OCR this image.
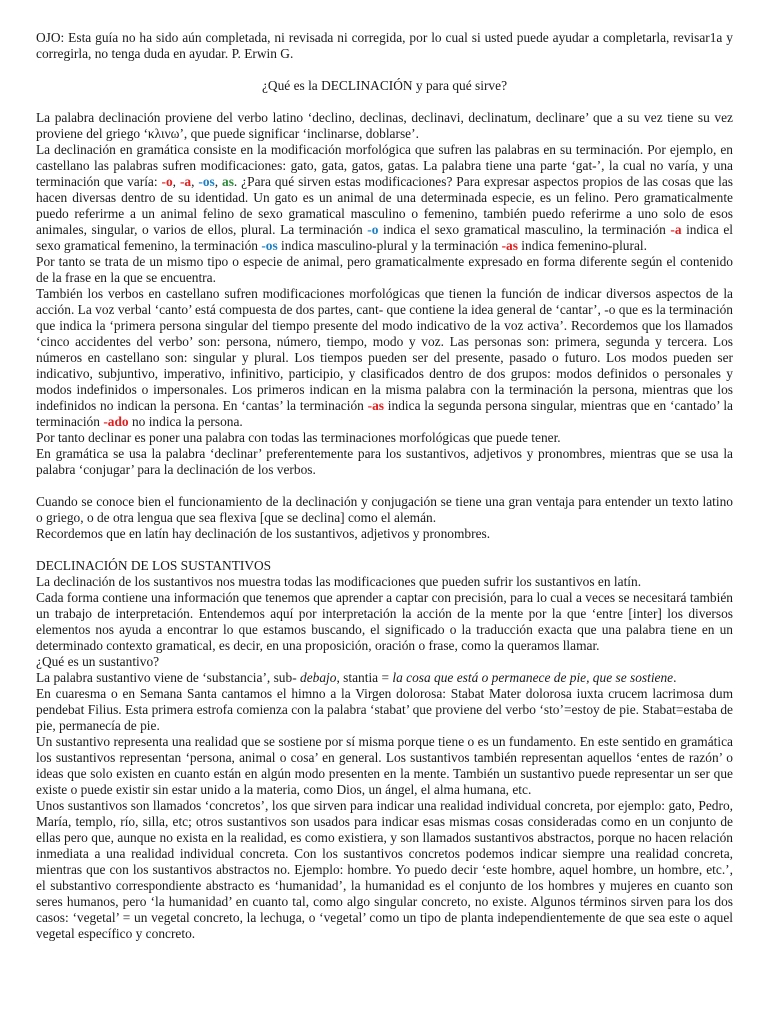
OJO: Esta guía no ha sido aún completada, ni revisada ni corregida, por lo cual si usted puede ayudar a completarla, revisar1a y corregirla, no tenga duda en ayudar. P. Erwin G.

¿Qué es la DECLINACIÓN y para qué sirve?

La palabra declinación proviene del verbo latino ‘declino, declinas, declinavi, declinatum, declinare’ que a su vez tiene su vez proviene del griego ‘κλινω’, que puede significar ‘inclinarse, doblarse’.

La declinación en gramática consiste en la modificación morfológica que sufren las palabras en su terminación. Por ejemplo, en castellano las palabras sufren modificaciones: gato, gata, gatos, gatas. La palabra tiene una parte ‘gat-’, la cual no varía, y una terminación que varía: -o, -a, -os, as. ¿Para qué sirven estas modificaciones? Para expresar aspectos propios de las cosas que las hacen diversas dentro de su identidad. Un gato es un animal de una determinada especie, es un felino. Pero gramaticalmente puedo referirme a un animal felino de sexo gramatical masculino o femenino, también puedo referirme a uno solo de esos animales, singular, o varios de ellos, plural. La terminación -o indica el sexo gramatical masculino, la terminación -a indica el sexo gramatical femenino, la terminación -os indica masculino-plural y la terminación -as indica femenino-plural.

Por tanto se trata de un mismo tipo o especie de animal, pero gramaticalmente expresado en forma diferente según el contenido de la frase en la que se encuentra.

También los verbos en castellano sufren modificaciones morfológicas que tienen la función de indicar diversos aspectos de la acción. La voz verbal ‘canto’ está compuesta de dos partes, cant- que contiene la idea general de ‘cantar’, -o que es la terminación que indica la ‘primera persona singular del tiempo presente del modo indicativo de la voz activa’. Recordemos que los llamados ‘cinco accidentes del verbo’ son: persona, número, tiempo, modo y voz. Las personas son: primera, segunda y tercera. Los números en castellano son: singular y plural. Los tiempos pueden ser del presente, pasado o futuro. Los modos pueden ser indicativo, subjuntivo, imperativo, infinitivo, participio, y clasificados dentro de dos grupos: modos definidos o personales y modos indefinidos o impersonales. Los primeros indican en la misma palabra con la terminación la persona, mientras que los indefinidos no indican la persona. En ‘cantas’ la terminación -as indica la segunda persona singular, mientras que en ‘cantado’ la terminación -ado no indica la persona.

Por tanto declinar es poner una palabra con todas las terminaciones morfológicas que puede tener.

En gramática se usa la palabra ‘declinar’ preferentemente para los sustantivos, adjetivos y pronombres, mientras que se usa la palabra ‘conjugar’ para la declinación de los verbos.

Cuando se conoce bien el funcionamiento de la declinación y conjugación se tiene una gran ventaja para entender un texto latino o griego, o de otra lengua que sea flexiva [que se declina] como el alemán.

Recordemos que en latín hay declinación de los sustantivos, adjetivos y pronombres.

DECLINACIÓN DE LOS SUSTANTIVOS

La declinación de los sustantivos nos muestra todas las modificaciones que pueden sufrir los sustantivos en latín.

Cada forma contiene una información que tenemos que aprender a captar con precisión, para lo cual a veces se necesitará también un trabajo de interpretación. Entendemos aquí por interpretación la acción de la mente por la que ‘entre [inter] los diversos elementos nos ayuda a encontrar lo que estamos buscando, el significado o la traducción exacta que una palabra tiene en un determinado contexto gramatical, es decir, en una proposición, oración o frase, como la queramos llamar.

¿Qué es un sustantivo?

La palabra sustantivo viene de ‘substancia’, sub- debajo, stantia = la cosa que está o permanece de pie, que se sostiene.

En cuaresma o en Semana Santa cantamos el himno a la Virgen dolorosa: Stabat Mater dolorosa iuxta crucem lacrimosa dum pendebat Filius. Esta primera estrofa comienza con la palabra ‘stabat’ que proviene del verbo ‘sto’=estoy de pie. Stabat=estaba de pie, permanecía de pie.

Un sustantivo representa una realidad que se sostiene por sí misma porque tiene o es un fundamento. En este sentido en gramática los sustantivos representan ‘persona, animal o cosa’ en general. Los sustantivos también representan aquellos ‘entes de razón’ o ideas que solo existen en cuanto están en algún modo presenten en la mente. También un sustantivo puede representar un ser que existe o puede existir sin estar unido a la materia, como Dios, un ángel, el alma humana, etc.

Unos sustantivos son llamados ‘concretos’, los que sirven para indicar una realidad individual concreta, por ejemplo: gato, Pedro, María, templo, río, silla, etc; otros sustantivos son usados para indicar esas mismas cosas consideradas como en un conjunto de ellas pero que, aunque no exista en la realidad, es como existiera, y son llamados sustantivos abstractos, porque no hacen relación inmediata a una realidad individual concreta. Con los sustantivos concretos podemos indicar siempre una realidad concreta, mientras que con los sustantivos abstractos no. Ejemplo: hombre. Yo puedo decir ‘este hombre, aquel hombre, un hombre, etc.’, el substantivo correspondiente abstracto es ‘humanidad’, la humanidad es el conjunto de los hombres y mujeres en cuanto son seres humanos, pero ‘la humanidad’ en cuanto tal, como algo singular concreto, no existe. Algunos términos sirven para los dos casos: ‘vegetal’ = un vegetal concreto, la lechuga, o ‘vegetal’ como un tipo de planta independientemente de que sea este o aquel vegetal específico y concreto.
